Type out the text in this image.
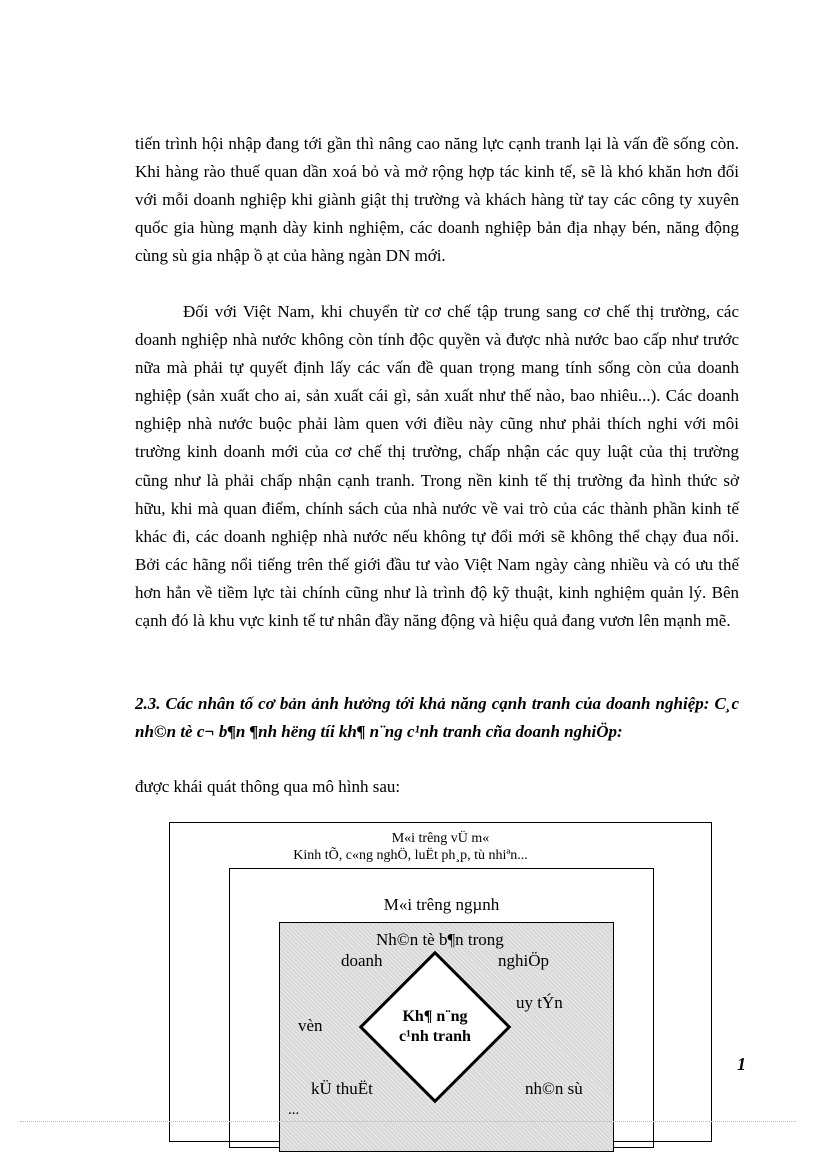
tiến trình hội nhập đang tới gần thì nâng cao năng lực cạnh tranh lại là vấn đề sống còn. Khi hàng rào thuế quan dần xoá bỏ và mở rộng hợp tác kinh tế, sẽ là khó khăn hơn đối với mỗi doanh nghiệp khi giành giật thị trường và khách hàng từ tay các công ty xuyên quốc gia hùng mạnh dày kinh nghiệm, các doanh nghiệp bản địa nhạy bén, năng động cùng sù gia nhập ồ ạt của hàng ngàn DN mới.

Đối với Việt Nam, khi chuyển từ cơ chế tập trung sang cơ chế thị trường, các doanh nghiệp nhà nước không còn tính độc quyền và được nhà nước bao cấp như trước nữa mà phải tự quyết định lấy các vấn đề quan trọng mang tính sống còn của doanh nghiệp (sản xuất cho ai, sản xuất cái gì, sản xuất như thế nào, bao nhiêu...). Các doanh nghiệp nhà nước buộc phải làm quen với điều này cũng như phải thích nghi với môi trường kinh doanh mới của cơ chế thị trường, chấp nhận các quy luật của thị trường cũng như là phải chấp nhận cạnh tranh. Trong nền kinh tế thị trường đa hình thức sở hữu, khi mà quan điểm, chính sách của nhà nước về vai trò của các thành phần kinh tế khác đi, các doanh nghiệp nhà nước nếu không tự đổi mới sẽ không thể chạy đua nổi. Bởi các hãng nổi tiếng trên thế giới đầu tư vào Việt Nam ngày càng nhiều và có ưu thế hơn hẳn về tiềm lực tài chính cũng như là trình độ kỹ thuật, kinh nghiệm quản lý. Bên cạnh đó là khu vực kinh tế tư nhân đầy năng động và hiệu quả đang vươn lên mạnh mẽ.

2.3. Các nhân tố cơ bản ảnh hưởng tới khả năng cạnh tranh của doanh nghiệp: C¸c nh©n tè c¬ b¶n ¶nh hëng tíi kh¶ n¨ng c¹nh tranh cña doanh nghiÖp:

được khái quát thông qua mô hình sau:

M«i trêng vÜ m«
Kinh tÕ, c«ng nghÖ, luËt ph¸p, tù nhiªn...
M«i trêng ngµnh
Nh©n tè b¶n trong
doanh	nghiÖp
uy tÝn
vèn
kÜ thuËt	nh©n sù
...
Kh¶ n¨ng
c¹nh tranh
1
